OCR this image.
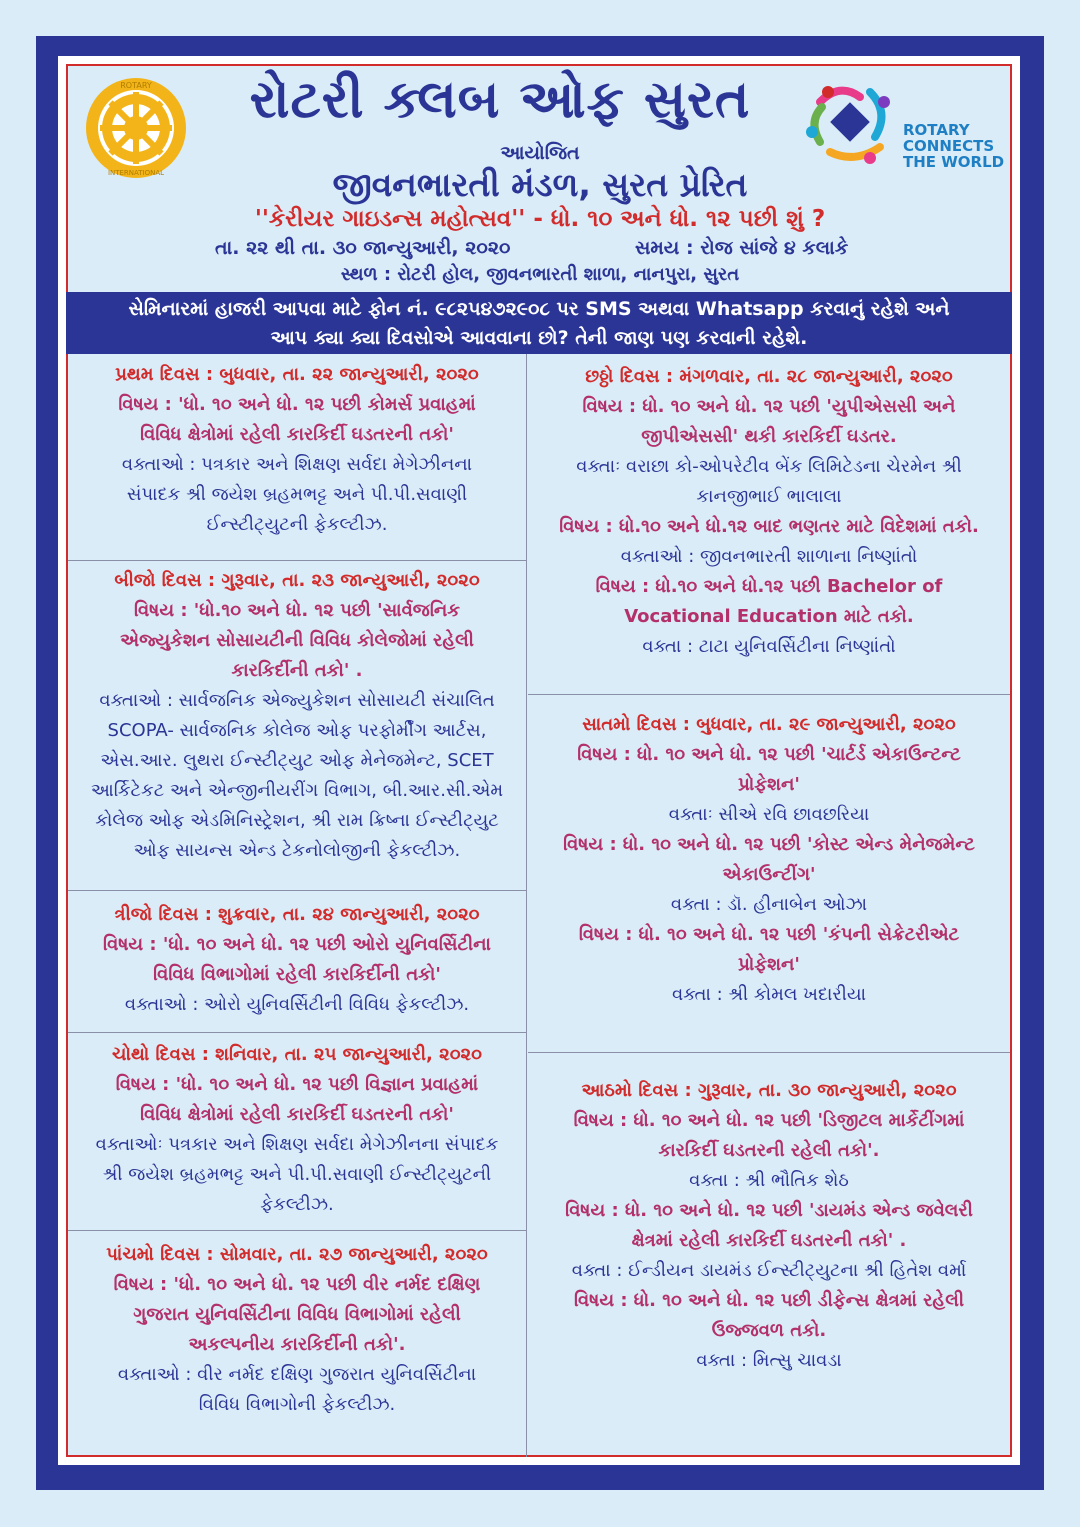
ROTARY
INTERNATIONAL
રોટરી ક્લબ ઓફ સુરત	ROTARY
CONNECTS
THE WORLD
આયોજિત
જીવનભારતી મંડળ, સુરત પ્રેરિત
''કેરીયર ગાઇડન્સ મહોત્સવ'' - ધો. ૧૦ અને ધો. ૧૨ પછી શું ?
તા. ૨૨ થી તા. ૩૦ જાન્યુઆરી, ૨૦૨૦	સમય : રોજ સાંજે ૪ કલાકે
સ્થળ : રોટરી હોલ, જીવનભારતી શાળા, નાનપુરા, સુરત
સેમિનારમાં હાજરી આપવા માટે ફોન નં. ૯૮૨૫૪૭૨૯૦૮ પર SMS અથવા Whatsapp કરવાનું રહેશે અને
આપ ક્યા ક્યા દિવસોએ આવવાના છો? તેની જાણ પણ કરવાની રહેશે.
પ્રથમ દિવસ : બુધવાર, તા. ૨૨ જાન્યુઆરી, ૨૦૨૦
વિષય : 'ધો. ૧૦ અને ધો. ૧૨ પછી કોમર્સ પ્રવાહમાં
વિવિધ ક્ષેત્રોમાં રહેલી કારકિર્દી ઘડતરની તકો'
વક્તાઓ : પત્રકાર અને શિક્ષણ સર્વદા મેગેઝીનના
સંપાદક શ્રી જયેશ બ્રહમભટ્ટ અને પી.પી.સવાણી
ઈન્સ્ટીટ્યુટની ફેકલ્ટીઝ.
બીજો દિવસ : ગુરૂવાર, તા. ૨૩ જાન્યુઆરી, ૨૦૨૦
વિષય : 'ધો.૧૦ અને ધો. ૧૨ પછી 'સાર્વજનિક
એજ્યુકેશન સોસાયટીની વિવિધ કોલેજોમાં રહેલી
કારકિર્દીની તકો' .
વક્તાઓ : સાર્વજનિક એજ્યુકેશન સોસાયટી સંચાલિત
SCOPA- સાર્વજનિક કોલેજ ઓફ પરફોર્મીંગ આર્ટસ,
એસ.આર. લુથરા ઈન્સ્ટીટ્યુટ ઓફ મેનેજમેન્ટ, SCET
આર્કિટેકટ અને એન્જીનીયરીંગ વિભાગ, બી.આર.સી.એમ
કોલેજ ઓફ એડમિનિસ્ટ્રેશન, શ્રી રામ ક્રિષ્ના ઈન્સ્ટીટ્યુટ
ઓફ સાયન્સ એન્ડ ટેકનોલોજીની ફેકલ્ટીઝ.
ત્રીજો દિવસ : શુક્રવાર, તા. ૨૪ જાન્યુઆરી, ૨૦૨૦
વિષય : 'ધો. ૧૦ અને ધો. ૧૨ પછી ઓરો યુનિવર્સિટીના
વિવિધ વિભાગોમાં રહેલી કારકિર્દીની તકો'
વક્તાઓ : ઓરો યુનિવર્સિટીની વિવિધ ફેકલ્ટીઝ.
ચોથો દિવસ : શનિવાર, તા. ૨૫ જાન્યુઆરી, ૨૦૨૦
વિષય : 'ધો. ૧૦ અને ધો. ૧૨ પછી વિજ્ઞાન પ્રવાહમાં
વિવિધ ક્ષેત્રોમાં રહેલી કારકિર્દી ઘડતરની તકો'
વક્તાઓઃ પત્રકાર અને શિક્ષણ સર્વદા મેગેઝીનના સંપાદક
શ્રી જયેશ બ્રહમભટ્ટ અને પી.પી.સવાણી ઈન્સ્ટીટ્યુટની
ફેકલ્ટીઝ.
પાંચમો દિવસ : સોમવાર, તા. ૨૭ જાન્યુઆરી, ૨૦૨૦
વિષય : 'ધો. ૧૦ અને ધો. ૧૨ પછી વીર નર્મદ દક્ષિણ
ગુજરાત યુનિવર્સિટીના વિવિધ વિભાગોમાં રહેલી
અકલ્પનીય કારકિર્દીની તકો'.
વક્તાઓ : વીર નર્મદ દક્ષિણ ગુજરાત યુનિવર્સિટીના
વિવિધ વિભાગોની ફેકલ્ટીઝ.
છઠ્ઠો દિવસ : મંગળવાર, તા. ૨૮ જાન્યુઆરી, ૨૦૨૦
વિષય : ધો. ૧૦ અને ધો. ૧૨ પછી 'યુપીએસસી અને
જીપીએસસી' થકી કારકિર્દી ઘડતર.
વક્તાઃ વરાછા કો-ઓપરેટીવ બેંક લિમિટેડના ચેરમેન શ્રી
કાનજીભાઈ ભાલાલા
વિષય : ધો.૧૦ અને ધો.૧૨ બાદ ભણતર માટે વિદેશમાં તકો.
વક્તાઓ : જીવનભારતી શાળાના નિષ્ણાંતો
વિષય : ધો.૧૦ અને ધો.૧૨ પછી Bachelor of
Vocational Education માટે તકો.
વક્તા : ટાટા યુનિવર્સિટીના નિષ્ણાંતો
સાતમો દિવસ : બુધવાર, તા. ૨૯ જાન્યુઆરી, ૨૦૨૦
વિષય : ધો. ૧૦ અને ધો. ૧૨ પછી 'ચાર્ટર્ડ એકાઉન્ટન્ટ
પ્રોફેશન'
વક્તાઃ સીએ રવિ છાવછરિયા
વિષય : ધો. ૧૦ અને ધો. ૧૨ પછી 'કોસ્ટ એન્ડ મેનેજમેન્ટ
એકાઉન્ટીંગ'
વક્તા : ડૉ. હીનાબેન ઓઝા
વિષય : ધો. ૧૦ અને ધો. ૧૨ પછી 'કંપની સેક્રેટરીએટ
પ્રોફેશન'
વક્તા : શ્રી કોમલ ખદારીયા
આઠમો દિવસ : ગુરૂવાર, તા. ૩૦ જાન્યુઆરી, ૨૦૨૦
વિષય : ધો. ૧૦ અને ધો. ૧૨ પછી 'ડિજીટલ માર્કેટીંગમાં
કારકિર્દી ઘડતરની રહેલી તકો'.
વક્તા : શ્રી ભૌતિક શેઠ
વિષય : ધો. ૧૦ અને ધો. ૧૨ પછી 'ડાયમંડ એન્ડ જવેલરી
ક્ષેત્રમાં રહેલી કારકિર્દી ઘડતરની તકો' .
વક્તા : ઈન્ડીયન ડાયમંડ ઈન્સ્ટીટ્યુટના શ્રી હિતેશ વર્મા
વિષય : ધો. ૧૦ અને ધો. ૧૨ પછી ડીફેન્સ ક્ષેત્રમાં રહેલી
ઉજ્જવળ તકો.
વક્તા : મિત્સુ ચાવડા
